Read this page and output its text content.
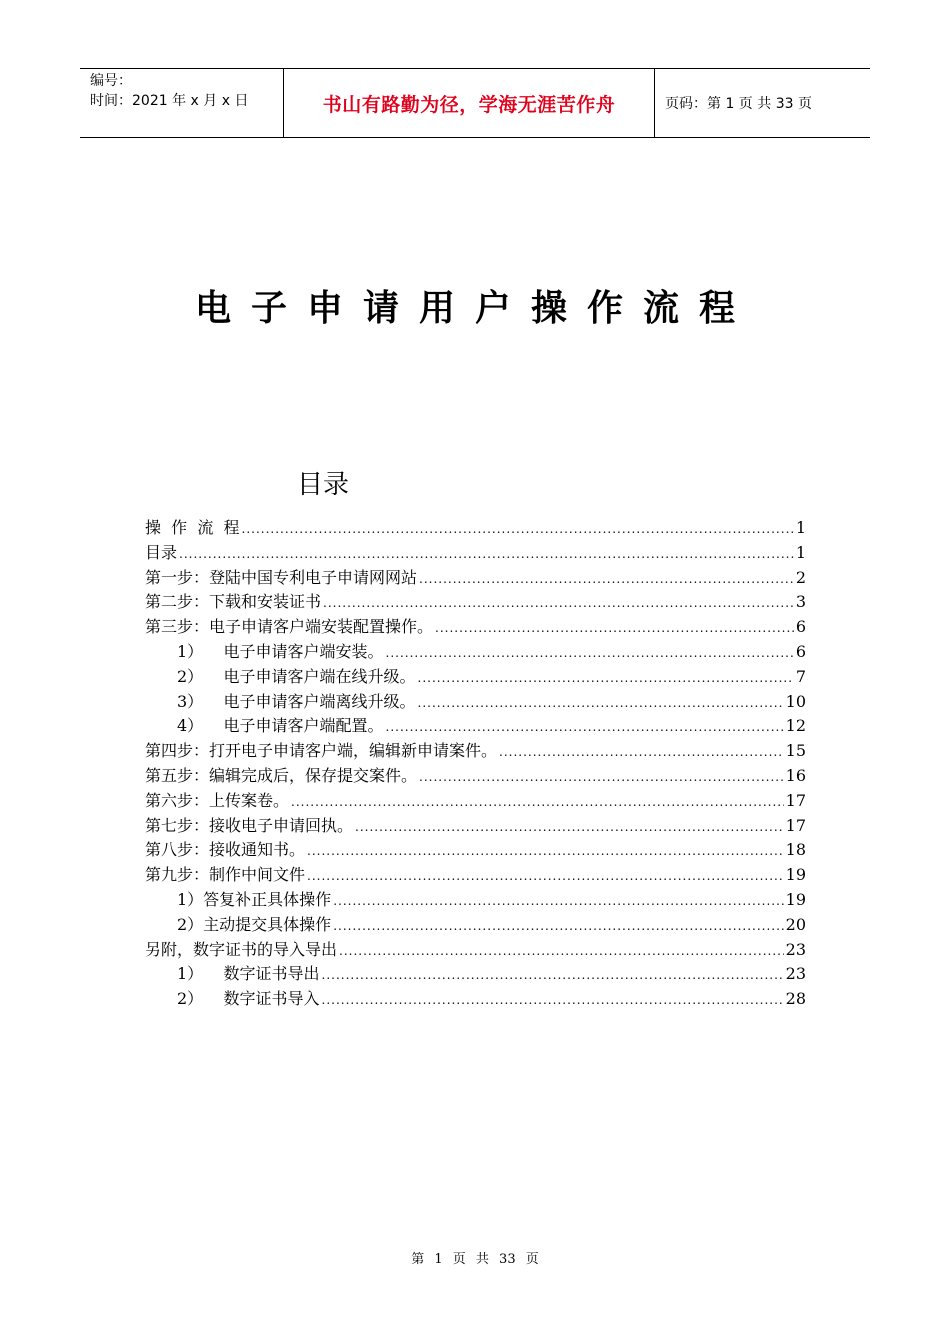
编号：
时间：2021 年 x 月 x 日	书山有路勤为径，学海无涯苦作舟	页码：第 1 页 共 33 页
电子申请用户操作流程
目录
操  作  流  程 .....	1
目录 .....	1
第一步：登陆中国专利电子申请网网站 .....	2
第二步：下载和安装证书 .....	3
第三步：电子申请客户端安装配置操作。 .....	6
1）    电子申请客户端安装。 .....	6
2）    电子申请客户端在线升级。 .....	7
3）    电子申请客户端离线升级。 .....	10
4）    电子申请客户端配置。 .....	12
第四步：打开电子申请客户端，编辑新申请案件。 .....	15
第五步：编辑完成后，保存提交案件。 .....	16
第六步：上传案卷。 .....	17
第七步：接收电子申请回执。 .....	17
第八步：接收通知书。 .....	18
第九步：制作中间文件 .....	19
1）答复补正具体操作 .....	19
2）主动提交具体操作 .....	20
另附，数字证书的导入导出 .....	23
1）    数字证书导出 .....	23
2）    数字证书导入 .....	28
第 1 页 共 33 页
